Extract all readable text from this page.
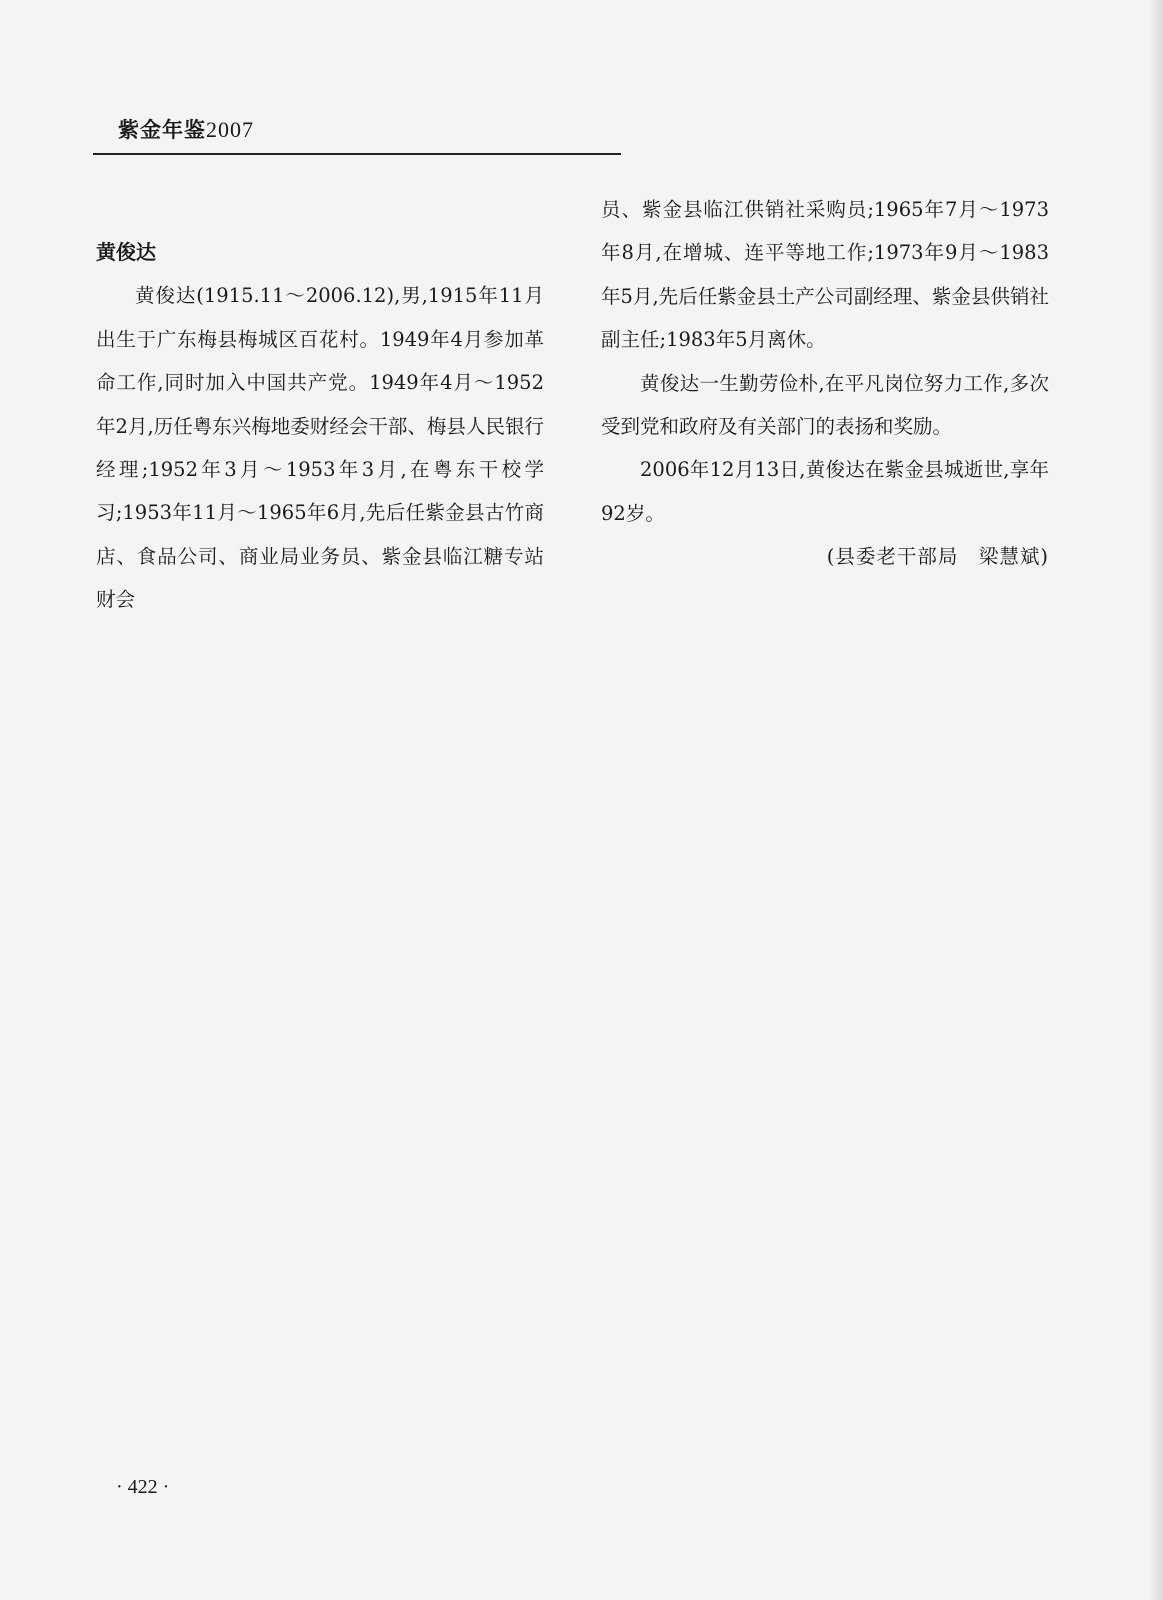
紫金年鉴2007

黄俊达

黄俊达(1915.11～2006.12),男,1915年11月出生于广东梅县梅城区百花村。1949年4月参加革命工作,同时加入中国共产党。1949年4月～1952年2月,历任粤东兴梅地委财经会干部、梅县人民银行经理;1952年3月～1953年3月,在粤东干校学习;1953年11月～1965年6月,先后任紫金县古竹商店、食品公司、商业局业务员、紫金县临江糖专站财会

员、紫金县临江供销社采购员;1965年7月～1973年8月,在增城、连平等地工作;1973年9月～1983年5月,先后任紫金县土产公司副经理、紫金县供销社副主任;1983年5月离休。

黄俊达一生勤劳俭朴,在平凡岗位努力工作,多次受到党和政府及有关部门的表扬和奖励。

2006年12月13日,黄俊达在紫金县城逝世,享年92岁。

(县委老干部局　梁慧斌)

· 422 ·
